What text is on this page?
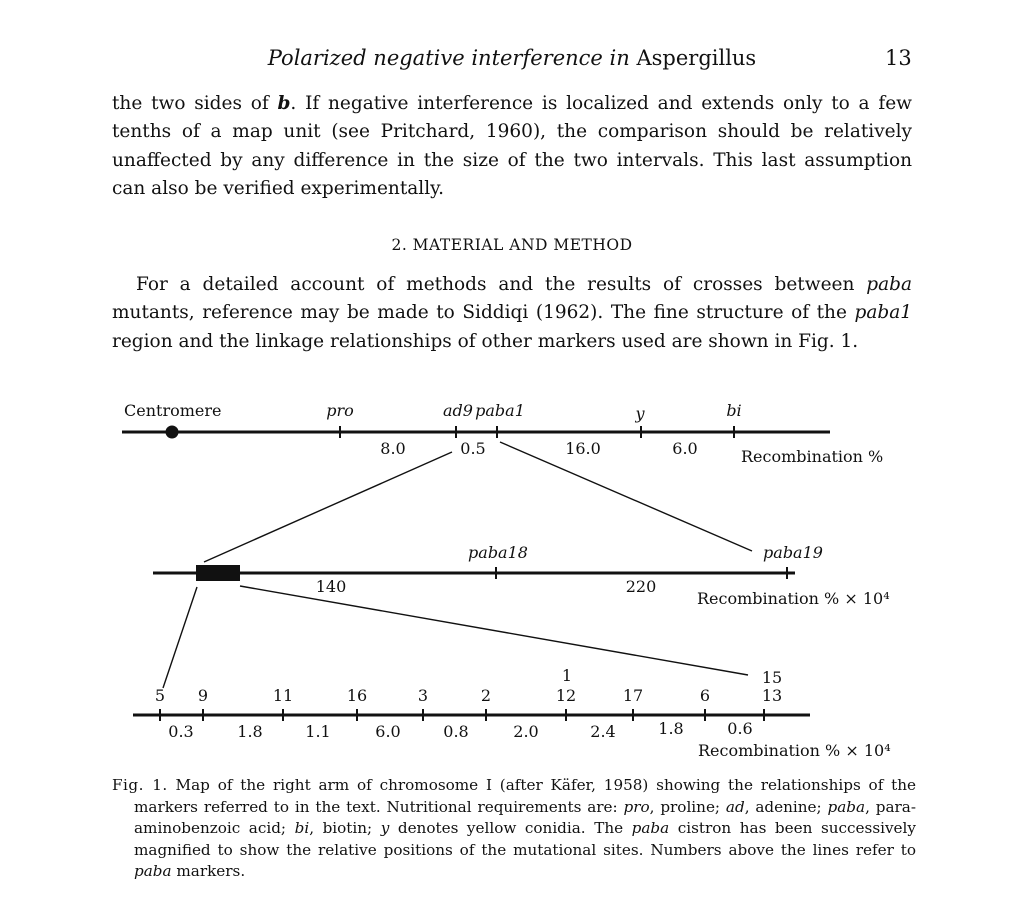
Polarized negative interference in Aspergillus	13
the two sides of b. If negative interference is localized and extends only to a few tenths of a map unit (see Pritchard, 1960), the comparison should be relatively unaffected by any difference in the size of the two intervals. This last assumption can also be verified experimentally.
2. MATERIAL AND METHOD
For a detailed account of methods and the results of crosses between paba mutants, reference may be made to Siddiqi (1962). The fine structure of the paba1 region and the linkage relationships of other markers used are shown in Fig. 1.
Centromere	pro	ad9 paba1	y	bi
8.0	0.5	16.0	6.0	Recombination %
paba18	paba19
140	220
Recombination % × 10⁴
5 9	11	16	3	2
1
12	17	6
15
13
0.3	1.8	1.1	6.0	0.8	2.0	2.4	1.8	0.6
Recombination % × 10⁴
Fig. 1. Map of the right arm of chromosome I (after Käfer, 1958) showing the relationships of the markers referred to in the text. Nutritional requirements are: pro, proline; ad, adenine; paba, para-aminobenzoic acid; bi, biotin; y denotes yellow conidia. The paba cistron has been successively magnified to show the relative positions of the mutational sites. Numbers above the lines refer to paba markers.
